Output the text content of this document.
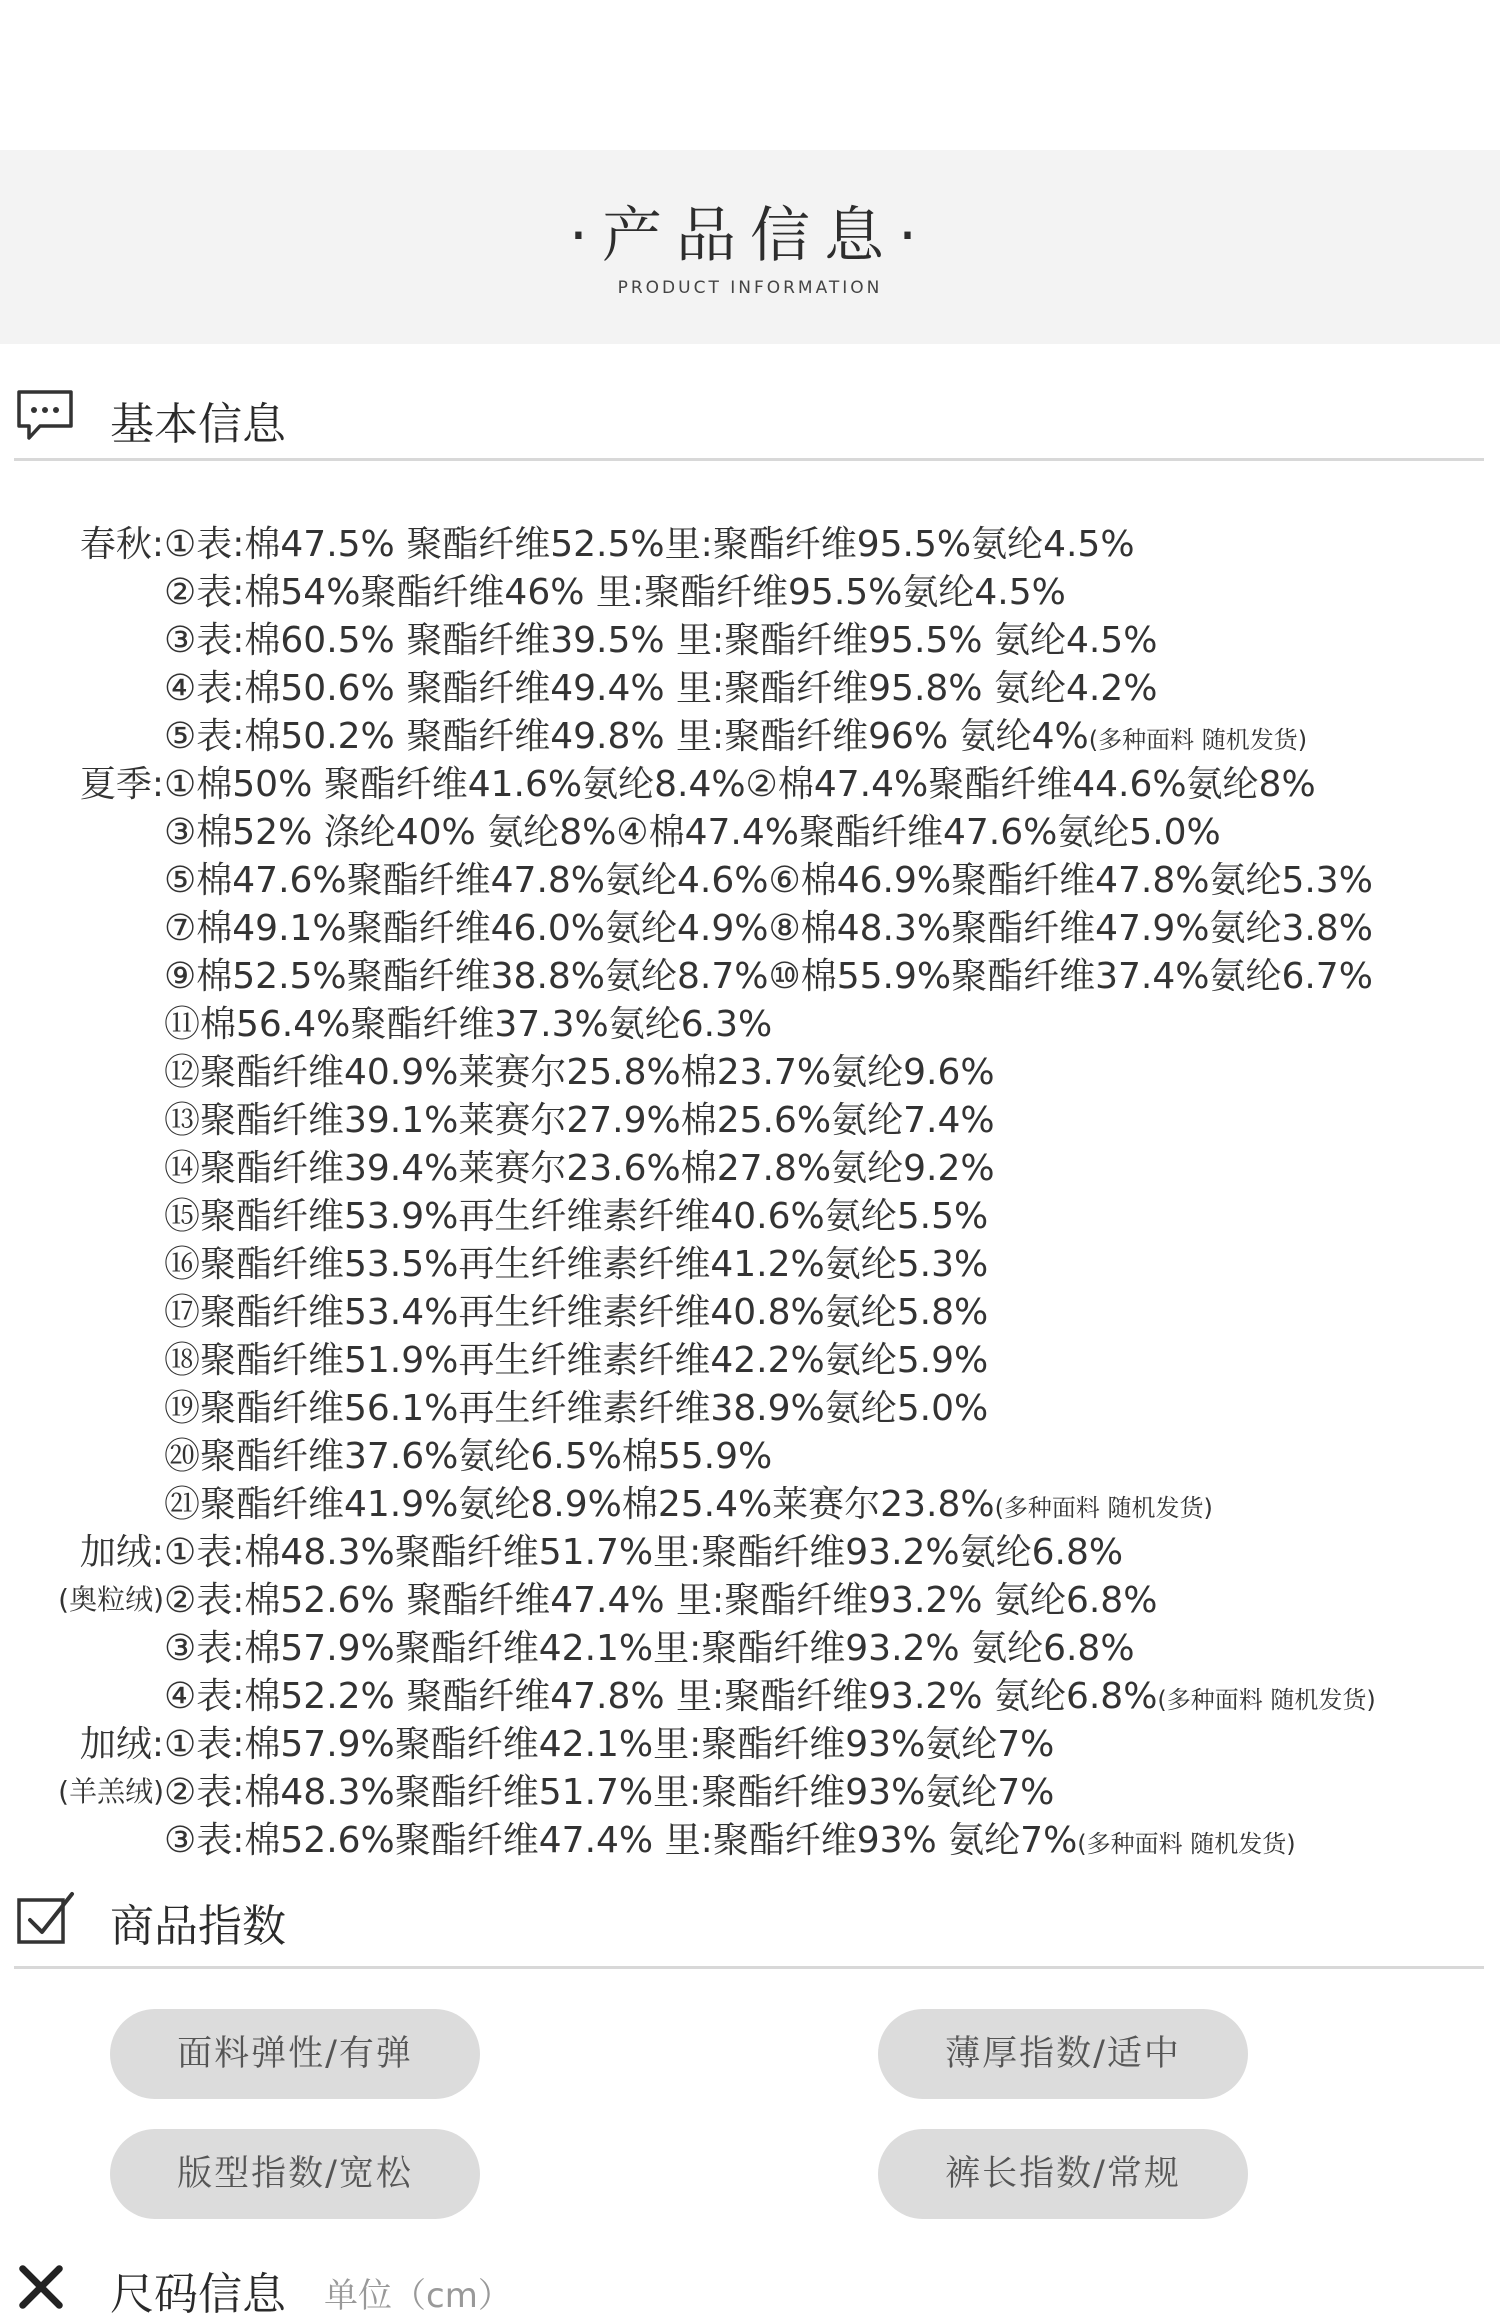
·产品信息·
PRODUCT INFORMATION
基本信息
春秋: ①表:棉47.5% 聚酯纤维52.5%里:聚酯纤维95.5%氨纶4.5%
②表:棉54%聚酯纤维46% 里:聚酯纤维95.5%氨纶4.5%
③表:棉60.5% 聚酯纤维39.5% 里:聚酯纤维95.5% 氨纶4.5%
④表:棉50.6% 聚酯纤维49.4% 里:聚酯纤维95.8% 氨纶4.2%
⑤表:棉50.2% 聚酯纤维49.8% 里:聚酯纤维96% 氨纶4%(多种面料 随机发货)
夏季: ①棉50% 聚酯纤维41.6%氨纶8.4%②棉47.4%聚酯纤维44.6%氨纶8%
③棉52% 涤纶40% 氨纶8%④棉47.4%聚酯纤维47.6%氨纶5.0%
⑤棉47.6%聚酯纤维47.8%氨纶4.6%⑥棉46.9%聚酯纤维47.8%氨纶5.3%
⑦棉49.1%聚酯纤维46.0%氨纶4.9%⑧棉48.3%聚酯纤维47.9%氨纶3.8%
⑨棉52.5%聚酯纤维38.8%氨纶8.7%⑩棉55.9%聚酯纤维37.4%氨纶6.7%
⑪棉56.4%聚酯纤维37.3%氨纶6.3%
⑫聚酯纤维40.9%莱赛尔25.8%棉23.7%氨纶9.6%
⑬聚酯纤维39.1%莱赛尔27.9%棉25.6%氨纶7.4%
⑭聚酯纤维39.4%莱赛尔23.6%棉27.8%氨纶9.2%
⑮聚酯纤维53.9%再生纤维素纤维40.6%氨纶5.5%
⑯聚酯纤维53.5%再生纤维素纤维41.2%氨纶5.3%
⑰聚酯纤维53.4%再生纤维素纤维40.8%氨纶5.8%
⑱聚酯纤维51.9%再生纤维素纤维42.2%氨纶5.9%
⑲聚酯纤维56.1%再生纤维素纤维38.9%氨纶5.0%
⑳聚酯纤维37.6%氨纶6.5%棉55.9%
㉑聚酯纤维41.9%氨纶8.9%棉25.4%莱赛尔23.8%(多种面料 随机发货)
加绒: ①表:棉48.3%聚酯纤维51.7%里:聚酯纤维93.2%氨纶6.8%
(奥粒绒) ②表:棉52.6% 聚酯纤维47.4% 里:聚酯纤维93.2% 氨纶6.8%
③表:棉57.9%聚酯纤维42.1%里:聚酯纤维93.2% 氨纶6.8%
④表:棉52.2% 聚酯纤维47.8% 里:聚酯纤维93.2% 氨纶6.8%(多种面料 随机发货)
加绒: ①表:棉57.9%聚酯纤维42.1%里:聚酯纤维93%氨纶7%
(羊羔绒) ②表:棉48.3%聚酯纤维51.7%里:聚酯纤维93%氨纶7%
③表:棉52.6%聚酯纤维47.4% 里:聚酯纤维93% 氨纶7%(多种面料 随机发货)
商品指数
面料弹性/有弹	薄厚指数/适中
版型指数/宽松	裤长指数/常规
尺码信息 单位（cm）
